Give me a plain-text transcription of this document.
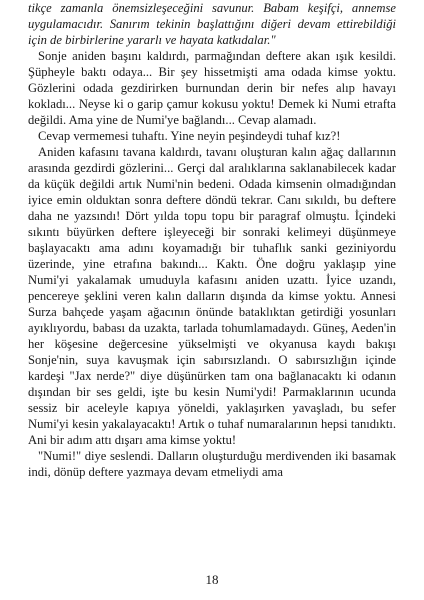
tikçe zamanla önemsizleşeceğini savunur. Babam keşifçi, annemse uygulamacıdır. Sanırım tekinin başlattığını diğeri devam ettirebildiği için de birbirlerine yararlı ve hayata katkıdalar."

Sonje aniden başını kaldırdı, parmağından deftere akan ışık kesildi. Şüpheyle baktı odaya... Bir şey hissetmişti ama odada kimse yoktu. Gözlerini odada gezdirirken burnundan derin bir nefes alıp havayı kokladı... Neyse ki o garip çamur kokusu yoktu! Demek ki Numi etrafta değildi. Ama yine de Numi'ye bağlandı... Cevap alamadı.

Cevap vermemesi tuhaftı. Yine neyin peşindeydi tuhaf kız?!

Aniden kafasını tavana kaldırdı, tavanı oluşturan kalın ağaç dallarının arasında gezdirdi gözlerini... Gerçi dal aralıklarına saklanabilecek kadar da küçük değildi artık Numi'nin bedeni. Odada kimsenin olmadığından iyice emin olduktan sonra deftere döndü tekrar. Canı sıkıldı, bu deftere daha ne yazsındı! Dört yılda topu topu bir paragraf olmuştu. İçindeki sıkıntı büyürken deftere işleyeceği bir sonraki kelimeyi düşünmeye başlayacaktı ama adını koyamadığı bir tuhaflık sanki geziniyordu üzerinde, yine etrafına bakındı... Kaktı. Öne doğru yaklaşıp yine Numi'yi yakalamak umuduyla kafasını aniden uzattı. İyice uzandı, pencereye şeklini veren kalın dalların dışında da kimse yoktu. Annesi Surza bahçede yaşam ağacının önünde bataklıktan getirdiği yosunları ayıklıyordu, babası da uzakta, tarlada tohumlamadaydı. Güneş, Aeden'in her köşesine değercesine yükselmişti ve okyanusa kaydı bakışı Sonje'nin, suya kavuşmak için sabırsızlandı. O sabırsızlığın içinde kardeşi "Jax nerde?" diye düşünürken tam ona bağlanacaktı ki odanın dışından bir ses geldi, işte bu kesin Numi'ydi! Parmaklarının ucunda sessiz bir aceleyle kapıya yöneldi, yaklaşırken yavaşladı, bu sefer Numi'yi kesin yakalayacaktı! Artık o tuhaf numaralarının hepsi tanıdıktı. Ani bir adım attı dışarı ama kimse yoktu!

"Numi!" diye seslendi. Dalların oluşturduğu merdivenden iki basamak indi, dönüp deftere yazmaya devam etmeliydi ama

18
